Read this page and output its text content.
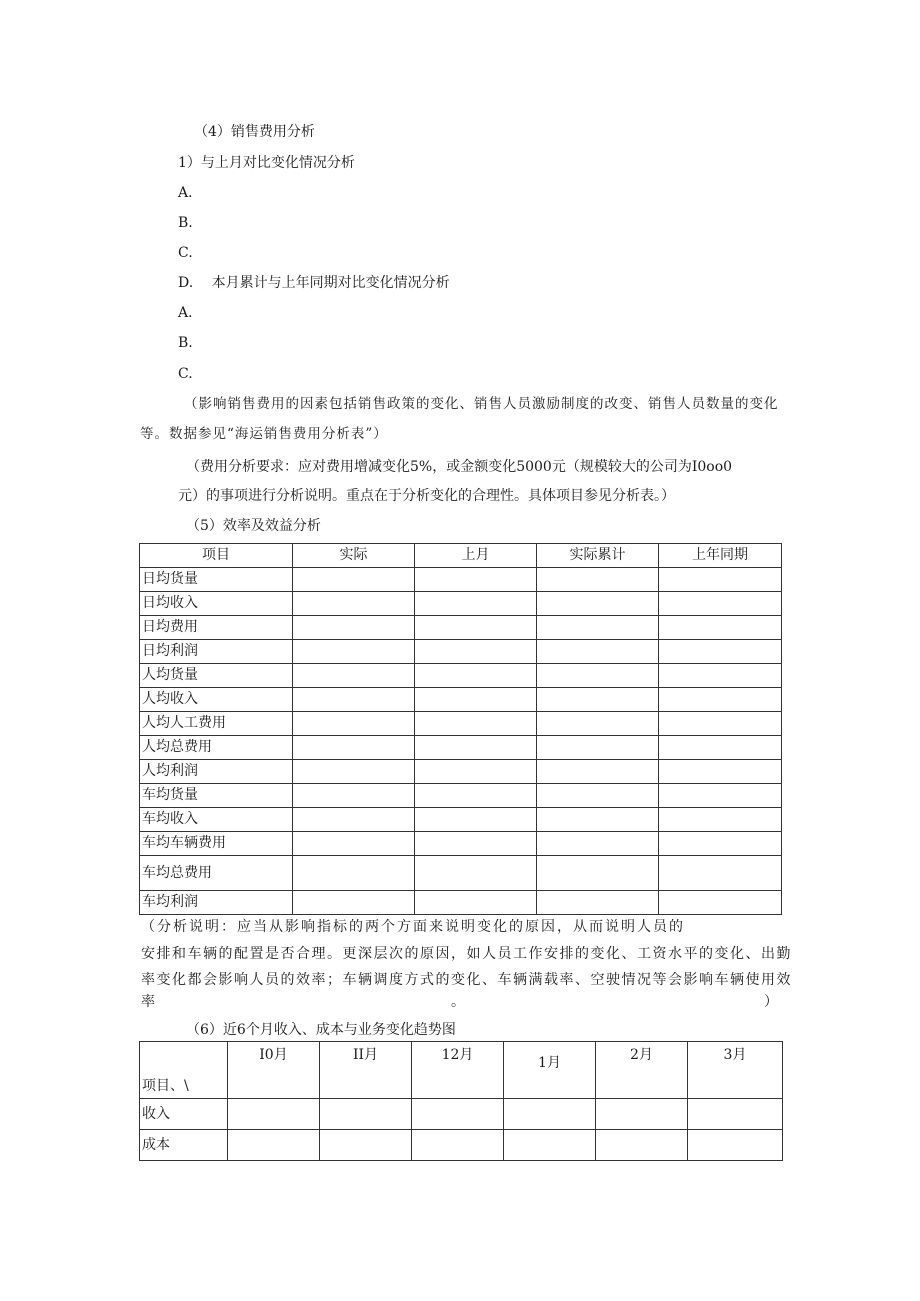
（4）销售费用分析
1）与上月对比变化情况分析
A.
B.
C.
D. 本月累计与上年同期对比变化情况分析
A.
B.
C.
（影响销售费用的因素包括销售政策的变化、销售人员激励制度的改变、销售人员数量的变化等。数据参见“海运销售费用分析表”）
（费用分析要求：应对费用增减变化5%，或金额变化5000元（规模较大的公司为I0oo0
元）的事项进行分析说明。重点在于分析变化的合理性。具体项目参见分析表。）
（5）效率及效益分析
项目	实际	上月	实际累计	上年同期
日均货量				
日均收入				
日均费用				
日均利润				
人均货量				
人均收入				
人均人工费用				
人均总费用				
人均利润				
车均货量				
车均收入				
车均车辆费用				
车均总费用				
车均利润				
（分析说明：应当从影响指标的两个方面来说明变化的原因，从而说明人员的
安排和车辆的配置是否合理。更深层次的原因，如人员工作安排的变化、工资水平的变化、出勤
率变化都会影响人员的效率；车辆调度方式的变化、车辆满载率、空驶情况等会影响车辆使用效
率	。	）
（6）近6个月收入、成本与业务变化趋势图
项目、\	I0月	II月	12月	1月	2月	3月
收入						
成本						
